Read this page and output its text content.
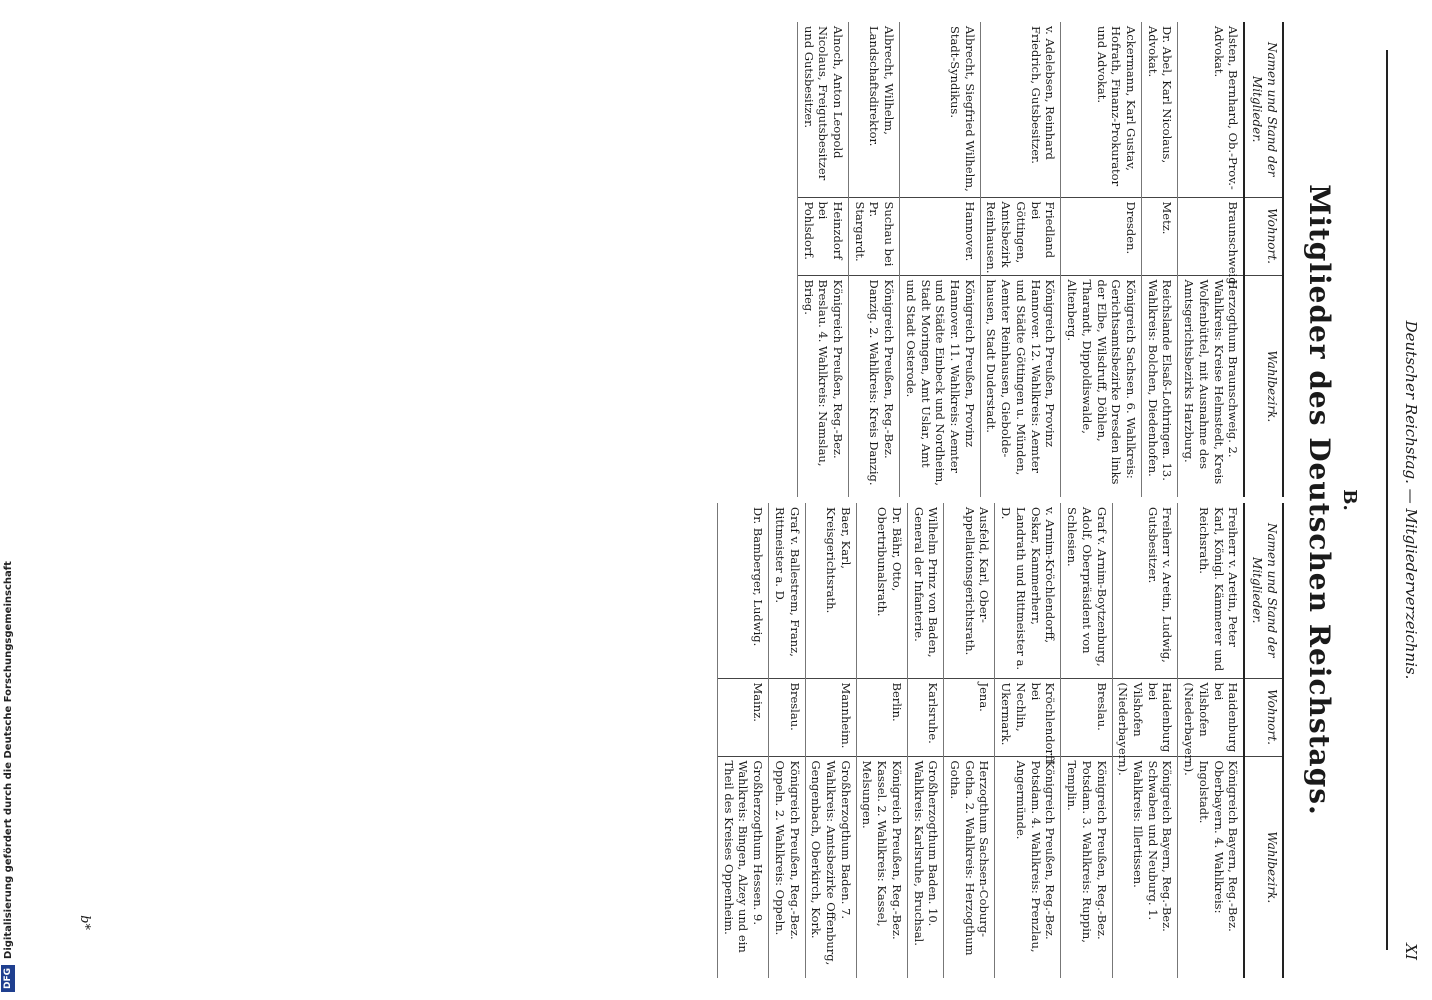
Deutscher Reichstag. — Mitgliederverzeichnis.
XI
B.
Mitglieder des Deutschen Reichstags.
Namen und Stand der Mitglieder.	Wohnort.	Wahlbezirk.
Alsten, Bernhard, Ob.-Prov.-Advokat.	Braunschweig.	Herzogthum Braunschweig. 2. Wahlkreis: Kreise Helmstedt, Kreis Wolfenbüttel, mit Ausnahme des Amtsgerichtsbezirks Harzburg.
Dr. Abel, Karl Nicolaus, Advokat.	Metz.	Reichslande Elsaß-Lothringen. 13. Wahlkreis: Bolchen, Diedenhofen.
Ackermann, Karl Gustav, Hofrath, Finanz-Prokurator und Advokat.	Dresden.	Königreich Sachsen. 6. Wahlkreis: Gerichtsamtsbezirke Dresden links der Elbe, Wilsdruff, Döhlen, Tharandt, Dippoldiswalde, Altenberg.
v. Adelebsen, Reinhard Friedrich, Gutsbesitzer.	Friedland bei Göttingen, Amtsbezirk Reinhausen.	Königreich Preußen, Provinz Hannover. 12. Wahlkreis: Aemter und Städte Göttingen u. Münden, Aemter Reinhausen, Giebolde-hausen, Stadt Duderstadt.
Albrecht, Siegfried Wilhelm, Stadt-Syndikus.	Hannover.	Königreich Preußen, Provinz Hannover. 11. Wahlkreis: Aemter und Städte Einbeck und Nordheim, Stadt Moringen, Amt Uslar, Amt und Stadt Osterode.
Albrecht, Wilhelm, Landschaftsdirektor.	Suchau bei Pr. Stargardt.	Königreich Preußen, Reg.-Bez. Danzig. 2. Wahlkreis: Kreis Danzig.
Alnoch, Anton Leopold Nicolaus, Freigutsbesitzer und Gutsbesitzer.	Heinzdorf bei Pohlsdorf.	Königreich Preußen, Reg.-Bez. Breslau. 4. Wahlkreis: Namslau, Brieg.
Namen und Stand der Mitglieder.	Wohnort.	Wahlbezirk.
Freiherr v. Aretin, Peter Karl, Königl. Kämmerer und Reichsrath.	Haidenburg bei Vilshofen (Niederbayern).	Königreich Bayern, Reg.-Bez. Oberbayern. 4. Wahlkreis: Ingolstadt.
Freiherr v. Aretin, Ludwig, Gutsbesitzer.	Haidenburg bei Vilshofen (Niederbayern).	Königreich Bayern, Reg.-Bez. Schwaben und Neuburg. 1. Wahlkreis: Illertissen.
Graf v. Arnim-Boytzenburg, Adolf, Oberpräsident von Schlesien.	Breslau.	Königreich Preußen, Reg.-Bez. Potsdam. 3. Wahlkreis: Ruppin, Templin.
v. Arnim-Kröchlendorff, Oskar, Kammerherr, Landrath und Rittmeister a. D.	Kröchlendorff bei Nechlin, Ukermark.	Königreich Preußen, Reg.-Bez. Potsdam. 4. Wahlkreis: Prenzlau, Angermünde.
Ausfeld, Karl, Ober-Appellationsgerichtsrath.	Jena.	Herzogthum Sachsen-Coburg-Gotha. 2. Wahlkreis: Herzogthum Gotha.
Wilhelm Prinz von Baden, General der Infanterie.	Karlsruhe.	Großherzogthum Baden. 10. Wahlkreis: Karlsruhe, Bruchsal.
Dr. Bähr, Otto, Obertribunalsrath.	Berlin.	Königreich Preußen, Reg.-Bez. Kassel. 2. Wahlkreis: Kassel, Melsungen.
Baer, Karl, Kreisgerichtsrath.	Mannheim.	Großherzogthum Baden. 7. Wahlkreis: Amtsbezirke Offenburg, Gengenbach, Oberkirch, Kork.
Graf v. Ballestrem, Franz, Rittmeister a. D.	Breslau.	Königreich Preußen, Reg.-Bez. Oppeln. 2. Wahlkreis: Oppeln.
Dr. Bamberger, Ludwig.	Mainz.	Großherzogthum Hessen. 9. Wahlkreis: Bingen, Alzey und ein Theil des Kreises Oppenheim.
b*
DFGDigitalisierung gefördert durch die Deutsche Forschungsgemeinschaft
